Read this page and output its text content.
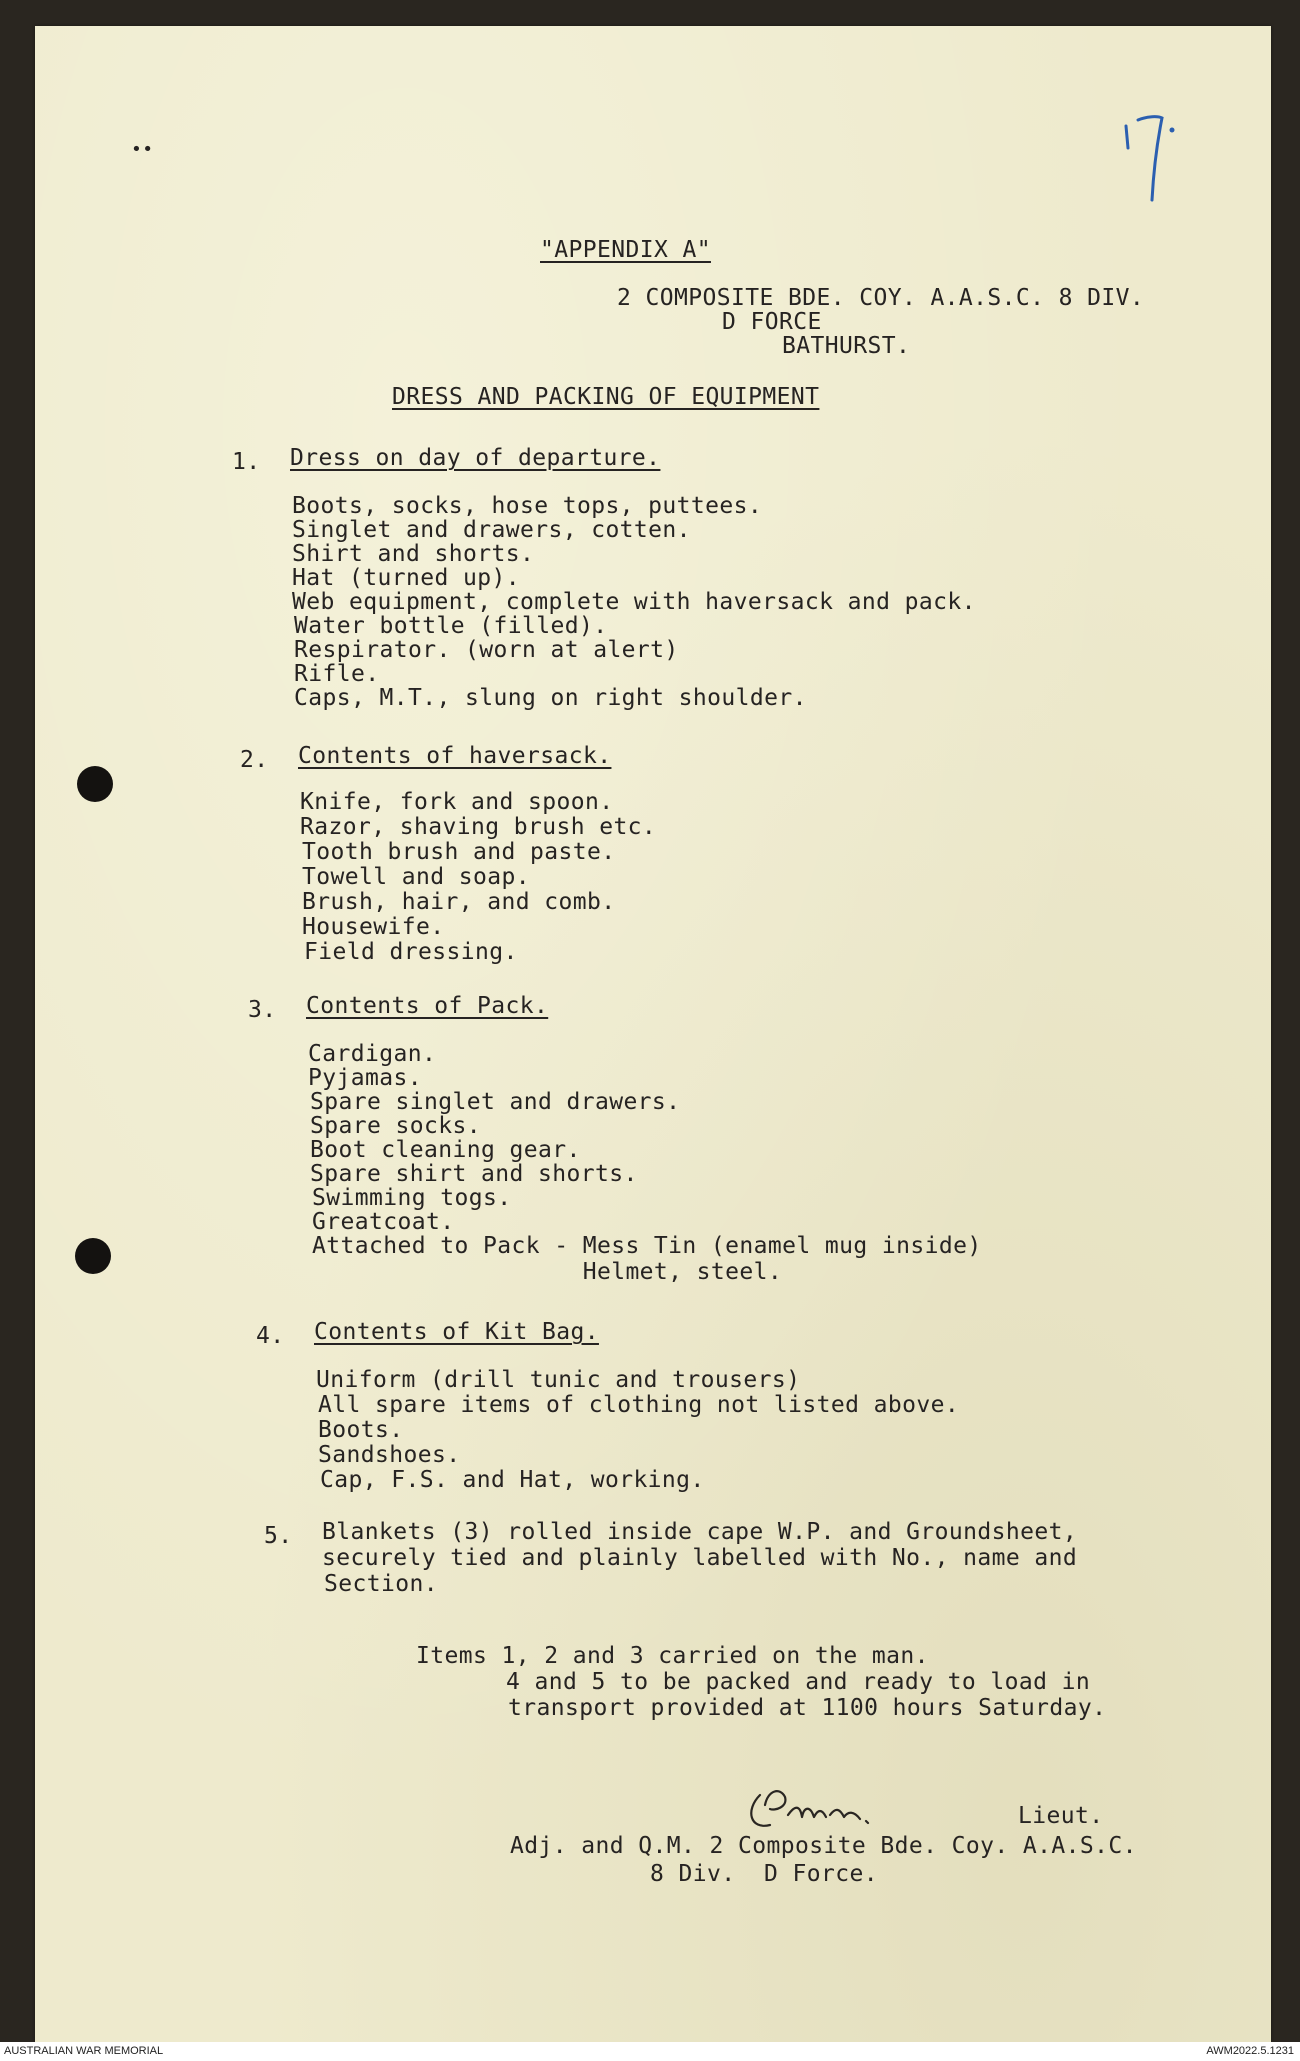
••
"APPENDIX A"
2 COMPOSITE BDE. COY. A.A.S.C. 8 DIV.
D FORCE
BATHURST.
DRESS AND PACKING OF EQUIPMENT
1. Dress on day of departure.
Boots, socks, hose tops, puttees.
Singlet and drawers, cotten.
Shirt and shorts.
Hat (turned up).
Web equipment, complete with haversack and pack.
Water bottle (filled).
Respirator. (worn at alert)
Rifle.
Caps, M.T., slung on right shoulder.
2. Contents of haversack.
Knife, fork and spoon.
Razor, shaving brush etc.
Tooth brush and paste.
Towell and soap.
Brush, hair, and comb.
Housewife.
Field dressing.
3. Contents of Pack.
Cardigan.
Pyjamas.
Spare singlet and drawers.
Spare socks.
Boot cleaning gear.
Spare shirt and shorts.
Swimming togs.
Greatcoat.
Attached to Pack - Mess Tin (enamel mug inside)
Helmet, steel.
4. Contents of Kit Bag.
Uniform (drill tunic and trousers)
All spare items of clothing not listed above.
Boots.
Sandshoes.
Cap, F.S. and Hat, working.
5. Blankets (3) rolled inside cape W.P. and Groundsheet,
securely tied and plainly labelled with No., name and
Section.
Items 1, 2 and 3 carried on the man.
4 and 5 to be packed and ready to load in
transport provided at 1100 hours Saturday.
Lieut.
Adj. and Q.M. 2 Composite Bde. Coy. A.A.S.C.
8 Div.  D Force.
AUSTRALIAN WAR MEMORIAL	AWM2022.5.1231
